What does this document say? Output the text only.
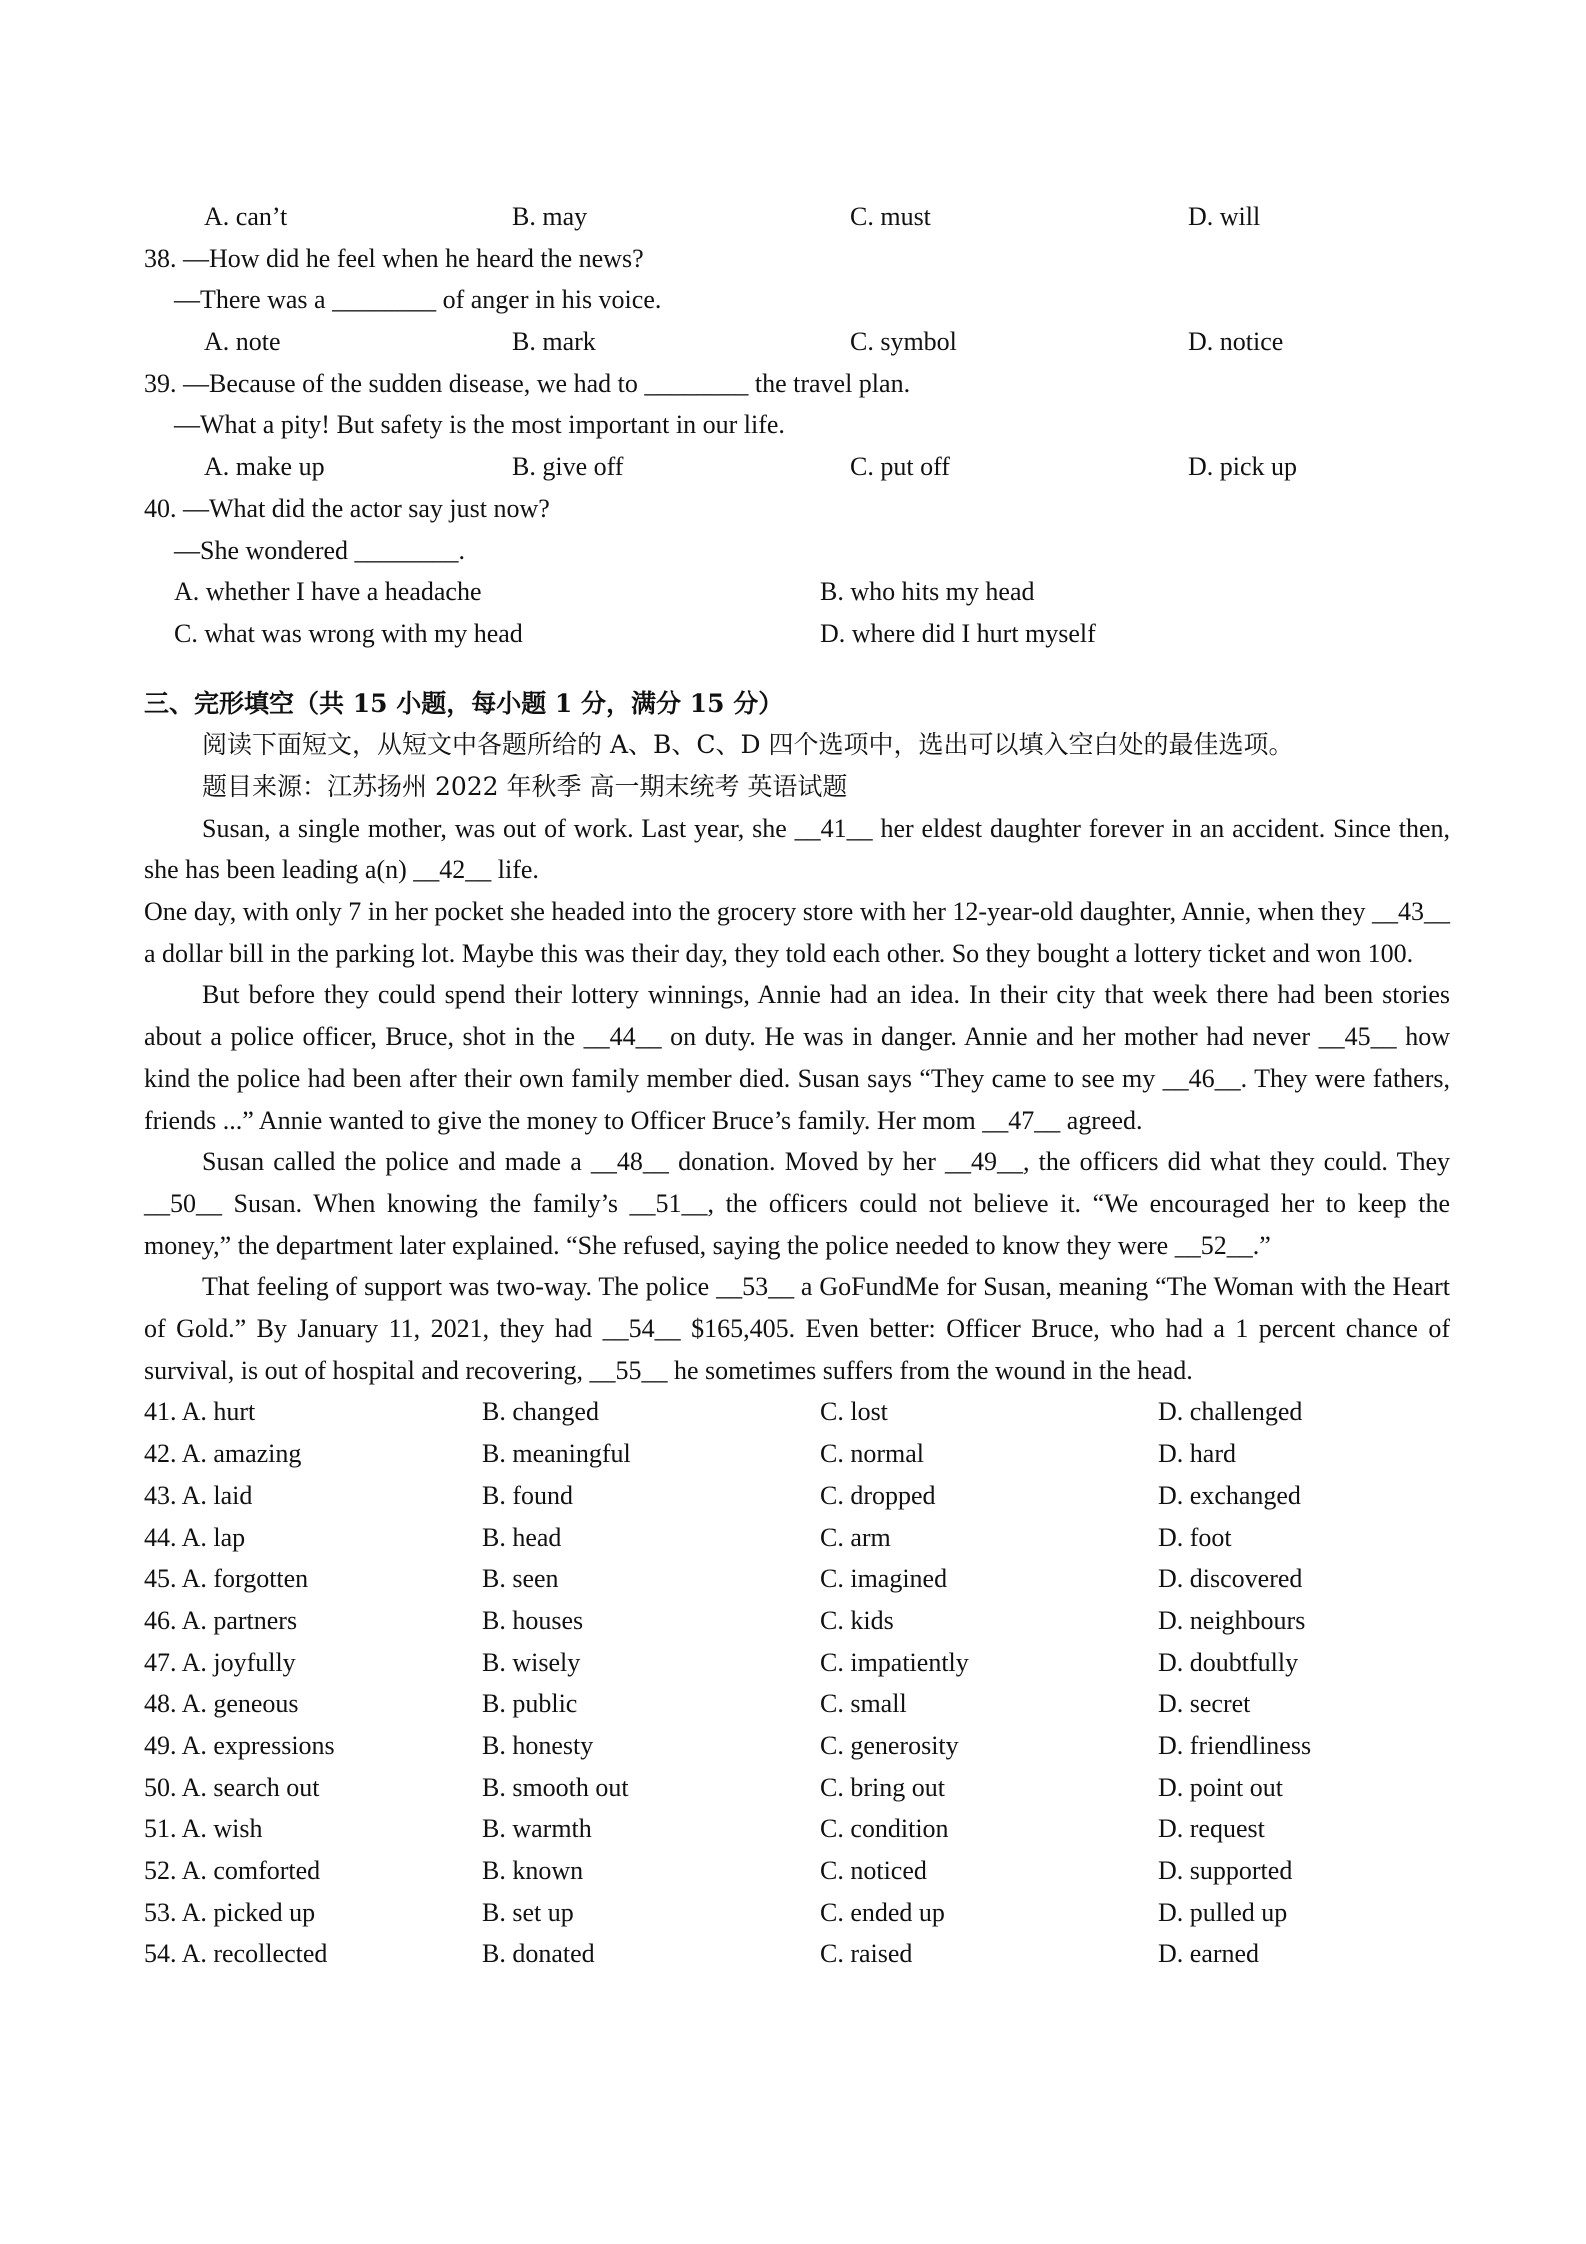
A. can’t	B. may	C. must	D. will
38. —How did he feel when he heard the news?
—There was a ________ of anger in his voice.
A. note	B. mark	C. symbol	D. notice
39. —Because of the sudden disease, we had to ________ the travel plan.
—What a pity! But safety is the most important in our life.
A. make up	B. give off	C. put off	D. pick up
40. —What did the actor say just now?
—She wondered ________.
A. whether I have a headache	B. who hits my head
C. what was wrong with my head	D. where did I hurt myself
三、完形填空（共 15 小题，每小题 1 分，满分 15 分）
阅读下面短文，从短文中各题所给的 A、B、C、D 四个选项中，选出可以填入空白处的最佳选项。
题目来源：江苏扬州 2022 年秋季 高一期末统考 英语试题

Susan, a single mother, was out of work. Last year, she __41__ her eldest daughter forever in an accident. Since then, she has been leading a(n) __42__ life.

One day, with only 7 in her pocket she headed into the grocery store with her 12-year-old daughter, Annie, when they __43__ a dollar bill in the parking lot. Maybe this was their day, they told each other. So they bought a lottery ticket and won 100.

But before they could spend their lottery winnings, Annie had an idea. In their city that week there had been stories about a police officer, Bruce, shot in the __44__ on duty. He was in danger. Annie and her mother had never __45__ how kind the police had been after their own family member died. Susan says “They came to see my __46__. They were fathers, friends ...” Annie wanted to give the money to Officer Bruce’s family. Her mom __47__ agreed.

Susan called the police and made a __48__ donation. Moved by her __49__, the officers did what they could. They __50__ Susan. When knowing the family’s __51__, the officers could not believe it. “We encouraged her to keep the money,” the department later explained. “She refused, saying the police needed to know they were __52__.”

That feeling of support was two-way. The police __53__ a GoFundMe for Susan, meaning “The Woman with the Heart of Gold.” By January 11, 2021, they had __54__ $165,405. Even better: Officer Bruce, who had a 1 percent chance of survival, is out of hospital and recovering, __55__ he sometimes suffers from the wound in the head.

41. A. hurt	B. changed	C. lost	D. challenged
42. A. amazing	B. meaningful	C. normal	D. hard
43. A. laid	B. found	C. dropped	D. exchanged
44. A. lap	B. head	C. arm	D. foot
45. A. forgotten	B. seen	C. imagined	D. discovered
46. A. partners	B. houses	C. kids	D. neighbours
47. A. joyfully	B. wisely	C. impatiently	D. doubtfully
48. A. geneous	B. public	C. small	D. secret
49. A. expressions	B. honesty	C. generosity	D. friendliness
50. A. search out	B. smooth out	C. bring out	D. point out
51. A. wish	B. warmth	C. condition	D. request
52. A. comforted	B. known	C. noticed	D. supported
53. A. picked up	B. set up	C. ended up	D. pulled up
54. A. recollected	B. donated	C. raised	D. earned
